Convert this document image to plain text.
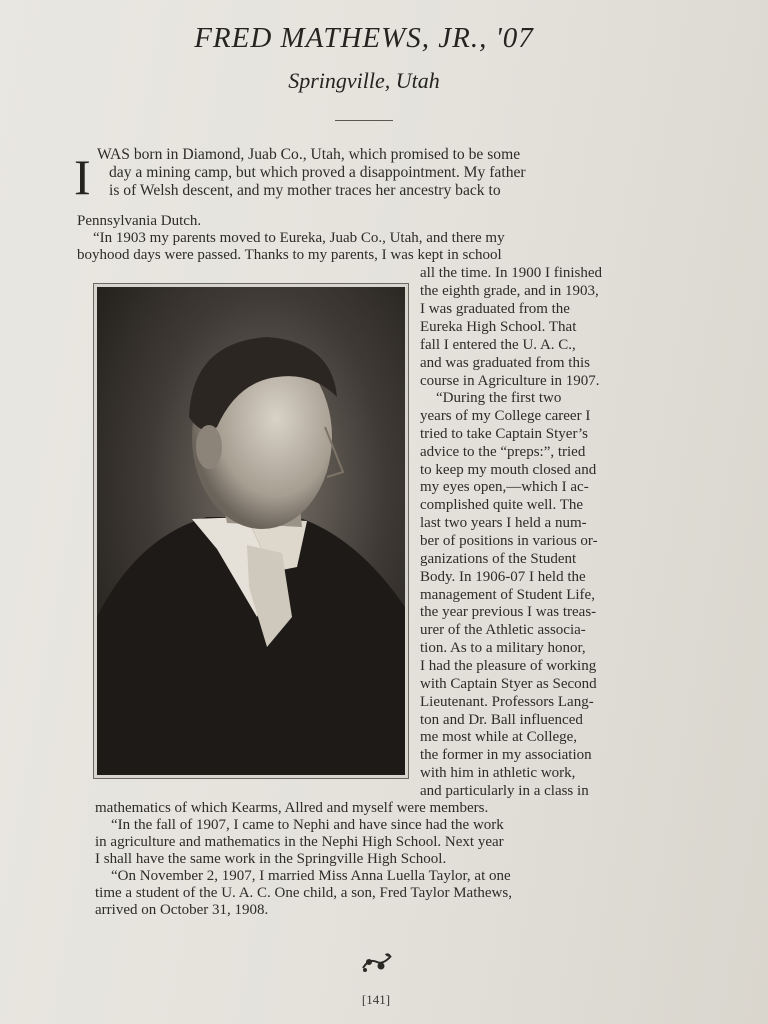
FRED MATHEWS, JR., '07
Springville, Utah
I WAS born in Diamond, Juab Co., Utah, which promised to be some
day a mining camp, but which proved a disappointment. My father
is of Welsh descent, and my mother traces her ancestry back to
Pennsylvania Dutch.
“In 1903 my parents moved to Eureka, Juab Co., Utah, and there my
boyhood days were passed. Thanks to my parents, I was kept in school
all the time. In 1900 I finished
the eighth grade, and in 1903,
I was graduated from the
Eureka High School. That
fall I entered the U. A. C.,
and was graduated from this
course in Agriculture in 1907.
“During the first two
years of my College career I
tried to take Captain Styer’s
advice to the “preps:”, tried
to keep my mouth closed and
my eyes open,—which I ac-
complished quite well. The
last two years I held a num-
ber of positions in various or-
ganizations of the Student
Body. In 1906-07 I held the
management of Student Life,
the year previous I was treas-
urer of the Athletic associa-
tion. As to a military honor,
I had the pleasure of working
with Captain Styer as Second
Lieutenant. Professors Lang-
ton and Dr. Ball influenced
me most while at College,
the former in my association
with him in athletic work,
and particularly in a class in
mathematics of which Kearms, Allred and myself were members.
“In the fall of 1907, I came to Nephi and have since had the work
in agriculture and mathematics in the Nephi High School. Next year
I shall have the same work in the Springville High School.
“On November 2, 1907, I married Miss Anna Luella Taylor, at one
time a student of the U. A. C. One child, a son, Fred Taylor Mathews,
arrived on October 31, 1908.
[141]
